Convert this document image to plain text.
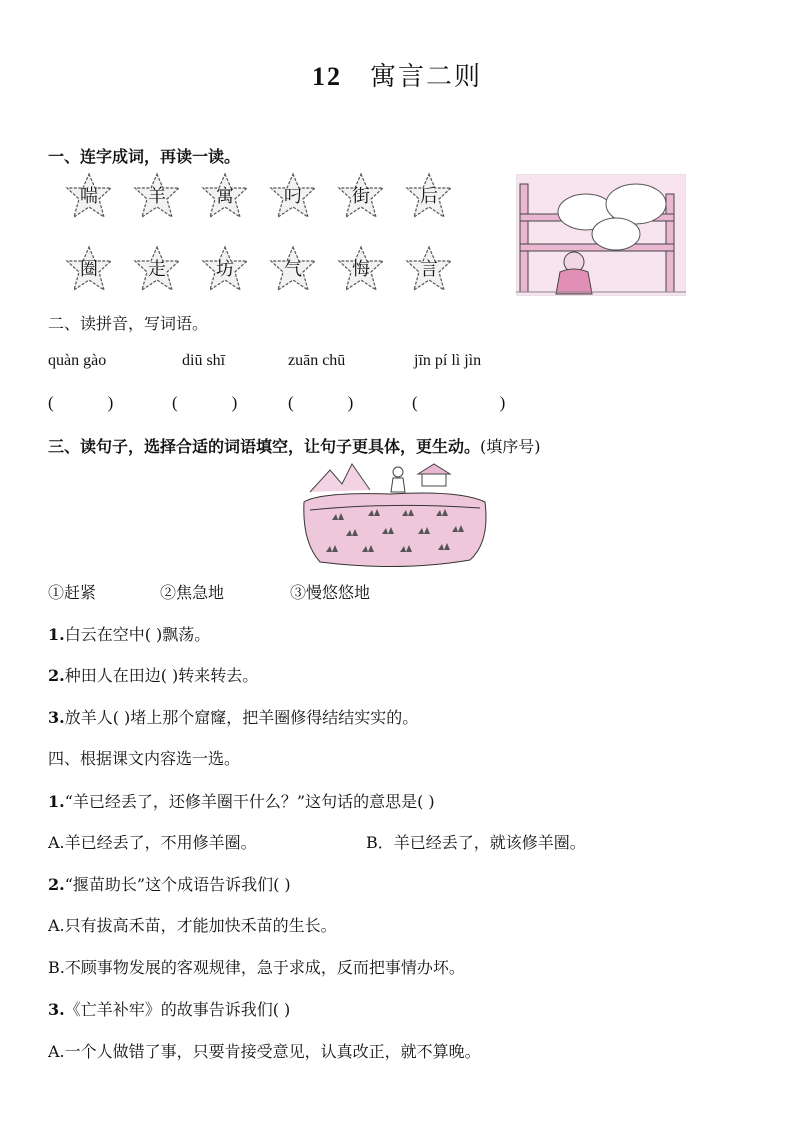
12 寓言二则
一、连字成词，再读一读。
喘	羊	寓	叼	街	后
圈	走	坊	气	悔	言
二、读拼音，写词语。
quàn gào	diū shī	zuān chū	jīn pí lì jìn
(	)	(	)	(	)	(	)
三、读句子，选择合适的词语填空，让句子更具体，更生动。(填序号)
①赶紧	②焦急地	③慢悠悠地
1.白云在空中( )飘荡。
2.种田人在田边( )转来转去。
3.放羊人( )堵上那个窟窿，把羊圈修得结结实实的。
四、根据课文内容选一选。
1.“羊已经丢了，还修羊圈干什么？”这句话的意思是( )
A.羊已经丢了，不用修羊圈。	B．羊已经丢了，就该修羊圈。
2.“揠苗助长”这个成语告诉我们( )
A.只有拔高禾苗，才能加快禾苗的生长。
B.不顾事物发展的客观规律，急于求成，反而把事情办坏。
3.《亡羊补牢》的故事告诉我们( )
A.一个人做错了事，只要肯接受意见，认真改正，就不算晚。
